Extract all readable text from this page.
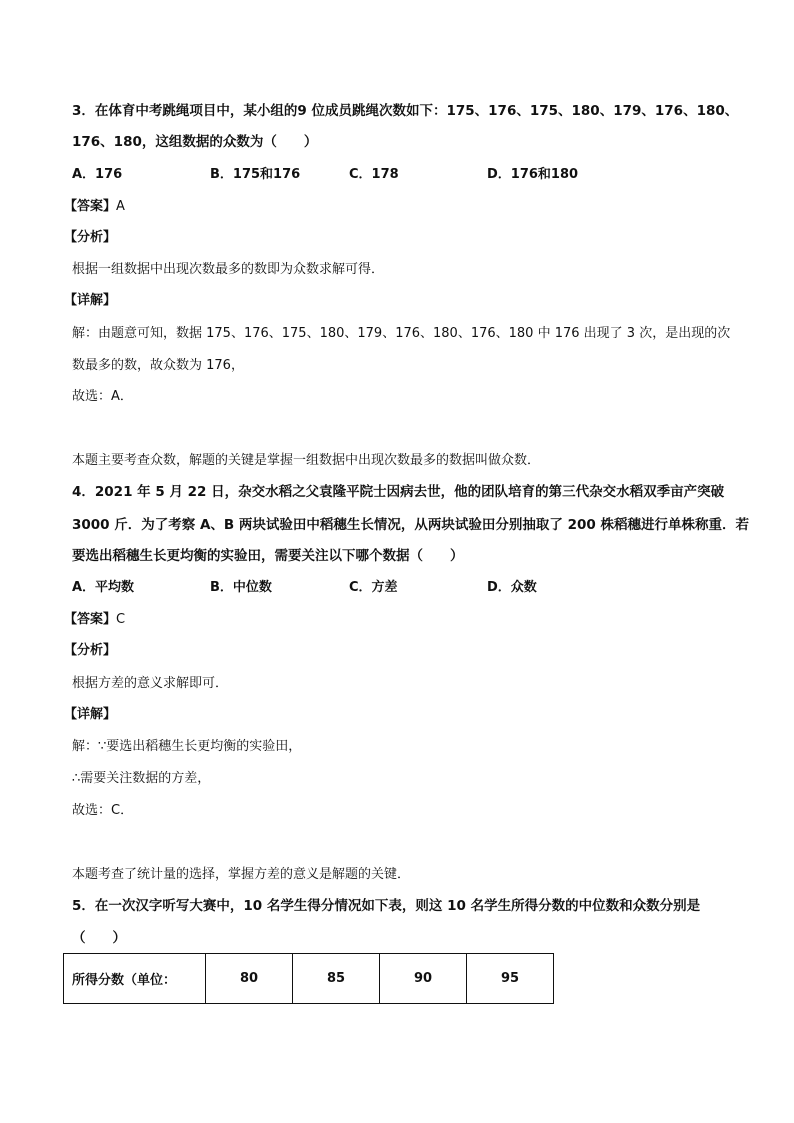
3．在体育中考跳绳项目中，某小组的9 位成员跳绳次数如下：175、176、175、180、179、176、180、
176、180，这组数据的众数为（　　）
A．176	B．175和176	C．178	D．176和180
【答案】A
【分析】
根据一组数据中出现次数最多的数即为众数求解可得．
【详解】
解：由题意可知，数据 175、176、175、180、179、176、180、176、180 中 176 出现了 3 次，是出现的次
数最多的数，故众数为 176，
故选：A．
本题主要考查众数，解题的关键是掌握一组数据中出现次数最多的数据叫做众数．
4．2021 年 5 月 22 日，杂交水稻之父袁隆平院士因病去世，他的团队培育的第三代杂交水稻双季亩产突破
3000 斤．为了考察 A、B 两块试验田中稻穗生长情况，从两块试验田分别抽取了 200 株稻穗进行单株称重．若
要选出稻穗生长更均衡的实验田，需要关注以下哪个数据（　　）
A．平均数	B．中位数	C．方差	D．众数
【答案】C
【分析】
根据方差的意义求解即可．
【详解】
解：∵要选出稻穗生长更均衡的实验田，
∴需要关注数据的方差，
故选：C．
本题考查了统计量的选择，掌握方差的意义是解题的关键．
5．在一次汉字听写大赛中，10 名学生得分情况如下表，则这 10 名学生所得分数的中位数和众数分别是
（　　）
所得分数（单位：	80	85	90	95
